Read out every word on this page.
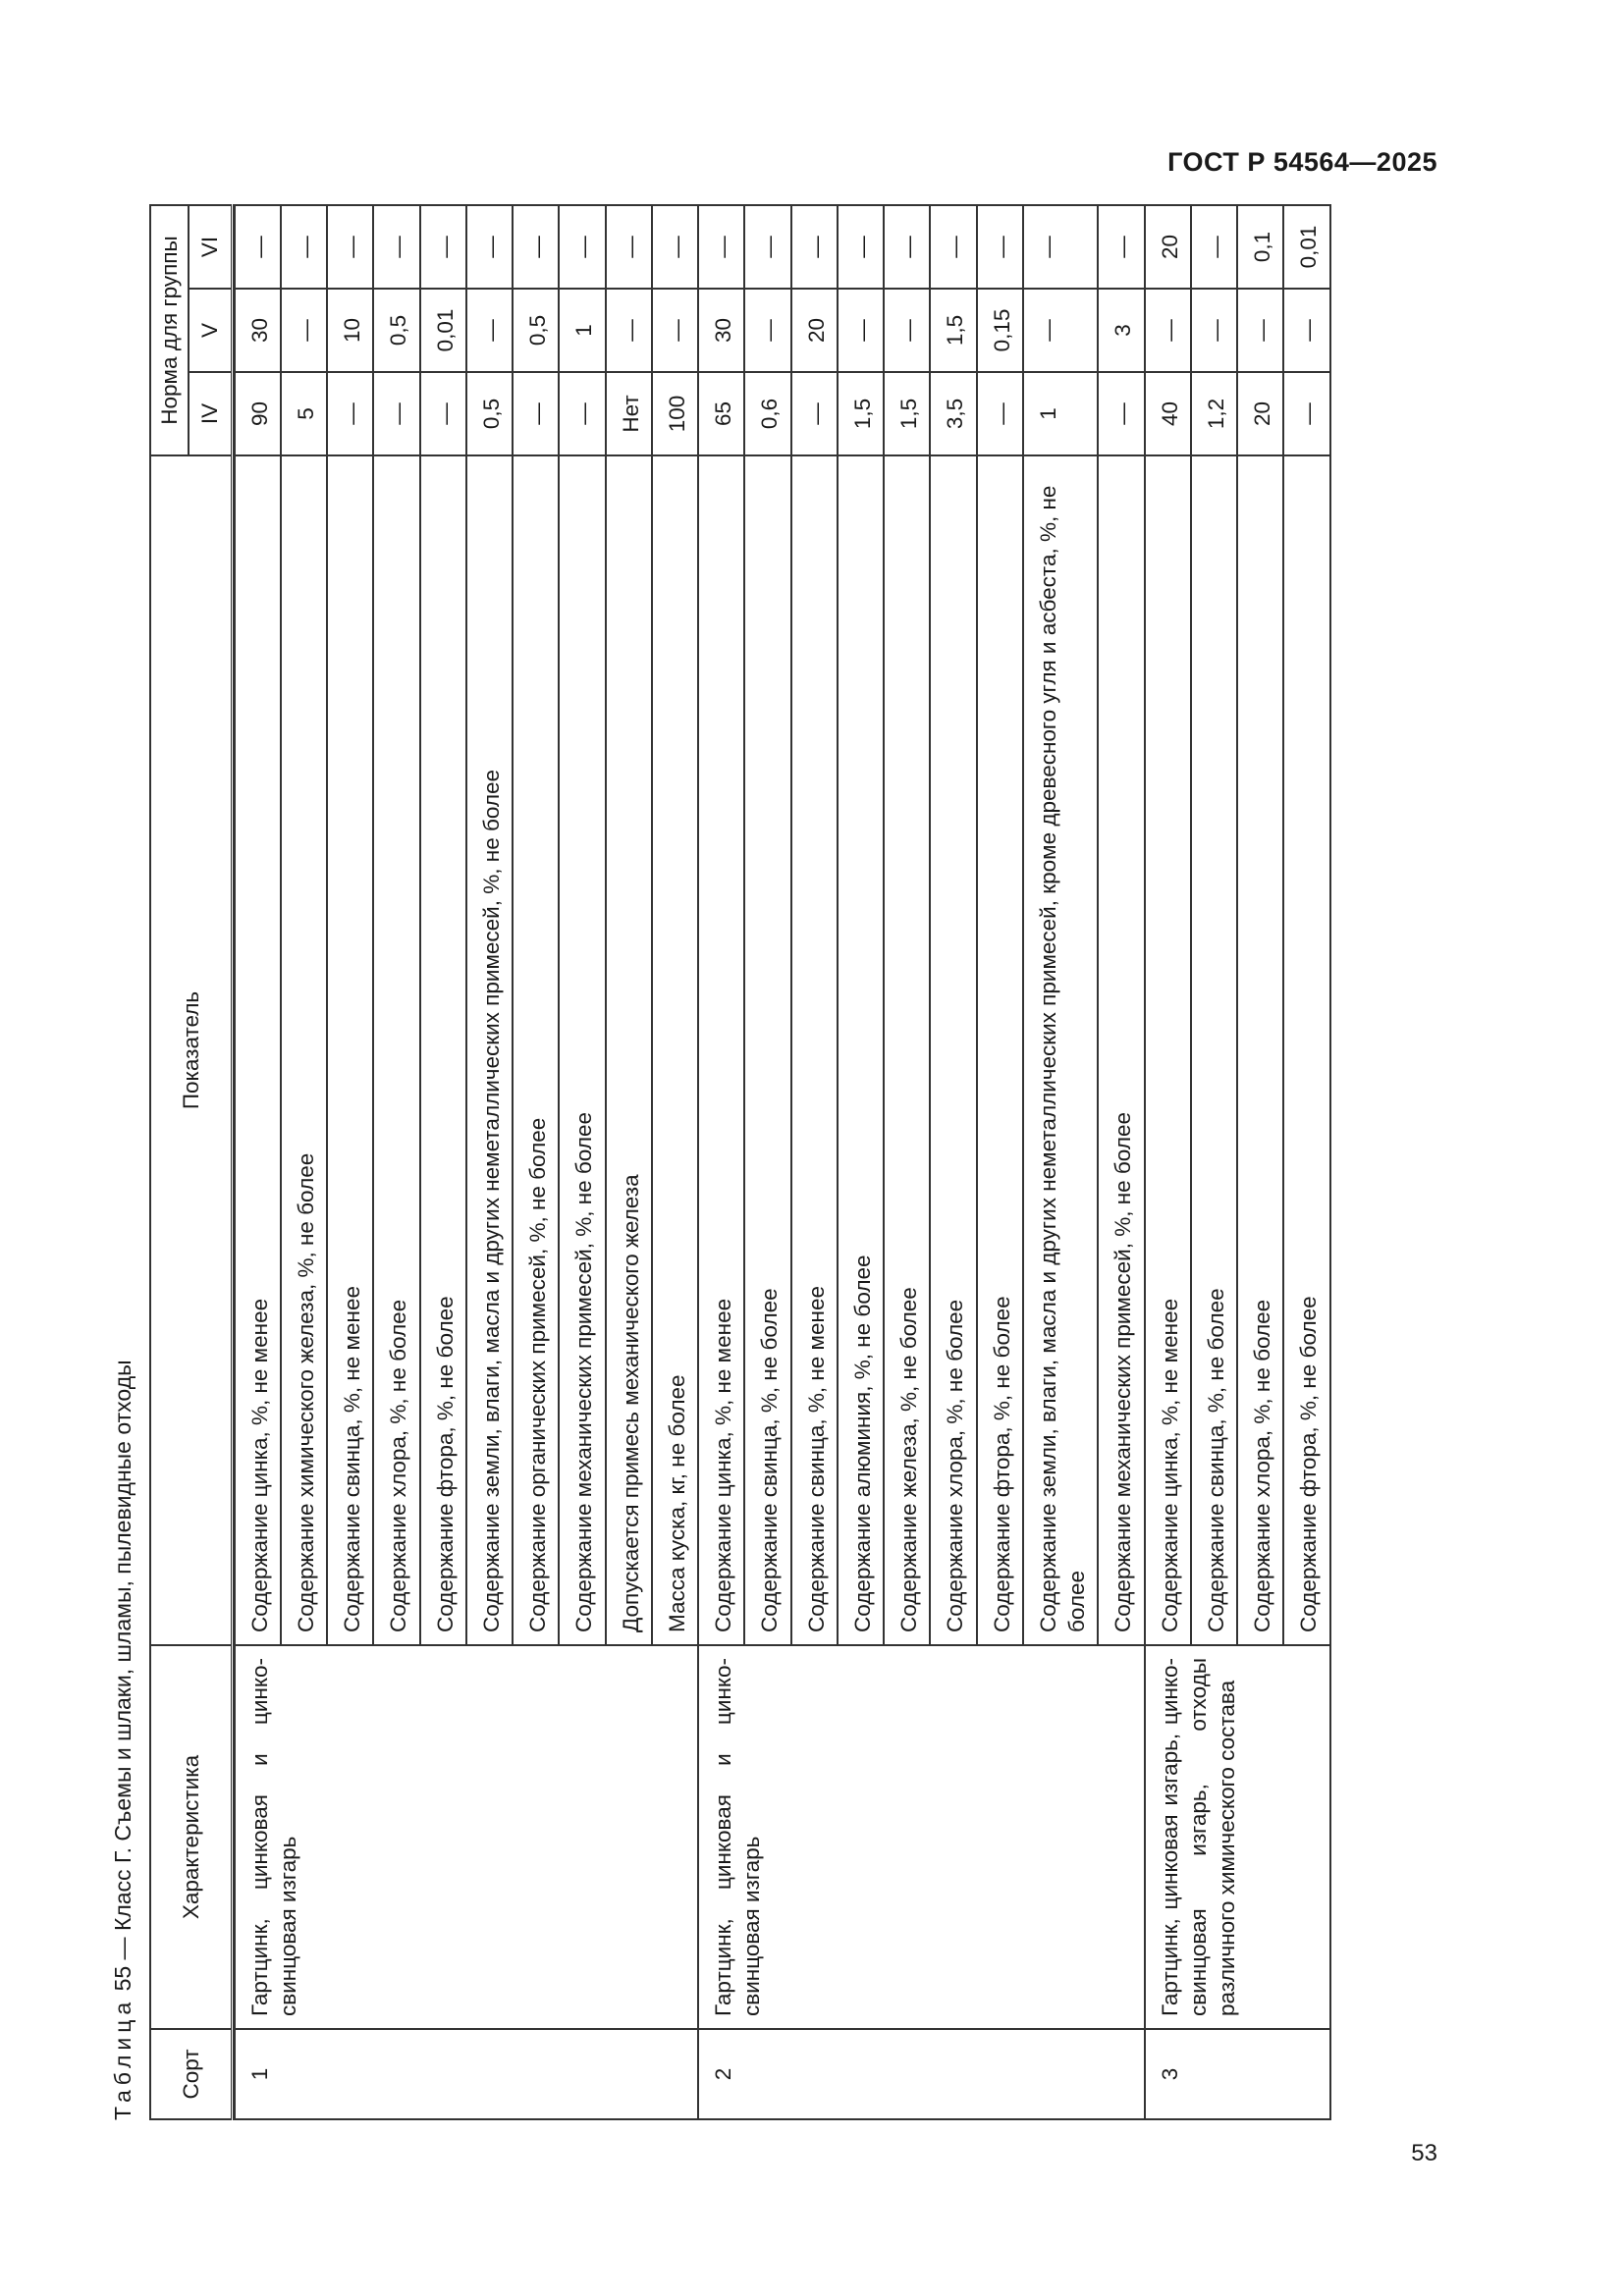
ГОСТ Р 54564—2025
53
Таблица 55 — Класс Г. Съемы и шлаки, шламы, пылевидные отходы
Сорт	Характеристика	Показатель	Норма для группы		
			IV	V	VI

1	Гартцинк, цинковая и цинко-свинцовая изгарь	Содержание цинка, %, не менее	90	30	—
		Содержание химического железа, %, не более	5	—	—
		Содержание свинца, %, не менее	—	10	—
		Содержание хлора, %, не более	—	0,5	—
		Содержание фтора, %, не более	—	0,01	—
		Содержание земли, влаги, масла и других неметаллических примесей, %, не более	0,5	—	—
		Содержание органических примесей, %, не более	—	0,5	—
		Содержание механических примесей, %, не более	—	1	—
		Допускается примесь механического железа	Нет	—	—
		Масса куска, кг, не более	100	—	—
2	Гартцинк, цинковая и цинко-свинцовая изгарь	Содержание цинка, %, не менее	65	30	—
		Содержание свинца, %, не более	0,6	—	—
		Содержание свинца, %, не менее	—	20	—
		Содержание алюминия, %, не более	1,5	—	—
		Содержание железа, %, не более	1,5	—	—
		Содержание хлора, %, не более	3,5	1,5	—
		Содержание фтора, %, не более	—	0,15	—
		Содержание земли, влаги, масла и других неметаллических примесей, кроме древесного угля и асбеста, %, не более	1	—	—
		Содержание механических примесей, %, не более	—	3	—
3	Гартцинк, цинковая изгарь, цинко-свинцовая изгарь, отходы различного химического состава	Содержание цинка, %, не менее	40	—	20
		Содержание свинца, %, не более	1,2	—	—
		Содержание хлора, %, не более	20	—	0,1
		Содержание фтора, %, не более	—	—	0,01
